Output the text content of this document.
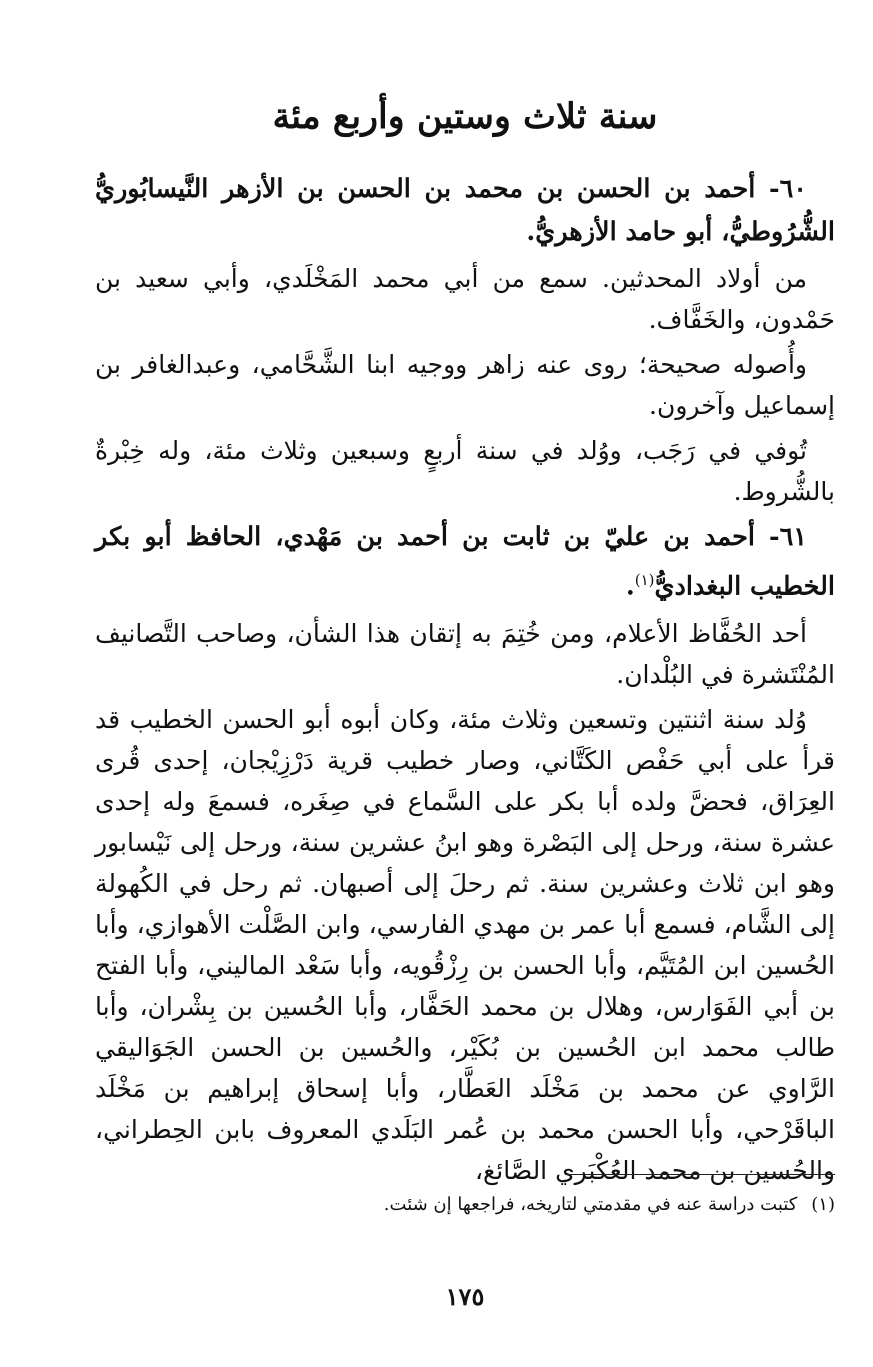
سنة ثلاث وستين وأربع مئة

٦٠- أحمد بن الحسن بن محمد بن الحسن بن الأزهر النَّيسابُوريُّ الشُّرُوطيُّ، أبو حامد الأزهريُّ.

من أولاد المحدثين. سمع من أبي محمد المَخْلَدي، وأبي سعيد بن حَمْدون، والخَفَّاف.

وأُصوله صحيحة؛ روى عنه زاهر ووجيه ابنا الشَّحَّامي، وعبدالغافر بن إسماعيل وآخرون.

تُوفي في رَجَب، ووُلد في سنة أربعٍ وسبعين وثلاث مئة، وله خِبْرةٌ بالشُّروط.

٦١- أحمد بن عليّ بن ثابت بن أحمد بن مَهْدي، الحافظ أبو بكر الخطيب البغداديُّ$^{(١)}$.

أحد الحُفَّاظ الأعلام، ومن خُتِمَ به إتقان هذا الشأن، وصاحب التَّصانيف المُنْتَشرة في البُلْدان.

وُلد سنة اثنتين وتسعين وثلاث مئة، وكان أبوه أبو الحسن الخطيب قد قرأ على أبي حَفْص الكَتَّاني، وصار خطيب قرية دَرْزِيْجان، إحدى قُرى العِرَاق، فحضَّ ولده أبا بكر على السَّماع في صِغَره، فسمعَ وله إحدى عشرة سنة، ورحل إلى البَصْرة وهو ابنُ عشرين سنة، ورحل إلى نَيْسابور وهو ابن ثلاث وعشرين سنة. ثم رحلَ إلى أصبهان. ثم رحل في الكُهولة إلى الشَّام، فسمع أبا عمر بن مهدي الفارسي، وابن الصَّلْت الأهوازي، وأبا الحُسين ابن المُتَيَّم، وأبا الحسن بن رِزْقُويه، وأبا سَعْد الماليني، وأبا الفتح بن أبي الفَوَارس، وهلال بن محمد الحَفَّار، وأبا الحُسين بن بِشْران، وأبا طالب محمد ابن الحُسين بن بُكَيْر، والحُسين بن الحسن الجَوَاليقي الرَّاوي عن محمد بن مَخْلَد العَطَّار، وأبا إسحاق إبراهيم بن مَخْلَد الباقَرْحي، وأبا الحسن محمد بن عُمر البَلَدي المعروف بابن الحِطراني، والحُسين بن محمد العُكْبَري الصَّائغ،

(١)كتبت دراسة عنه في مقدمتي لتاريخه، فراجعها إن شئت.

١٧٥
